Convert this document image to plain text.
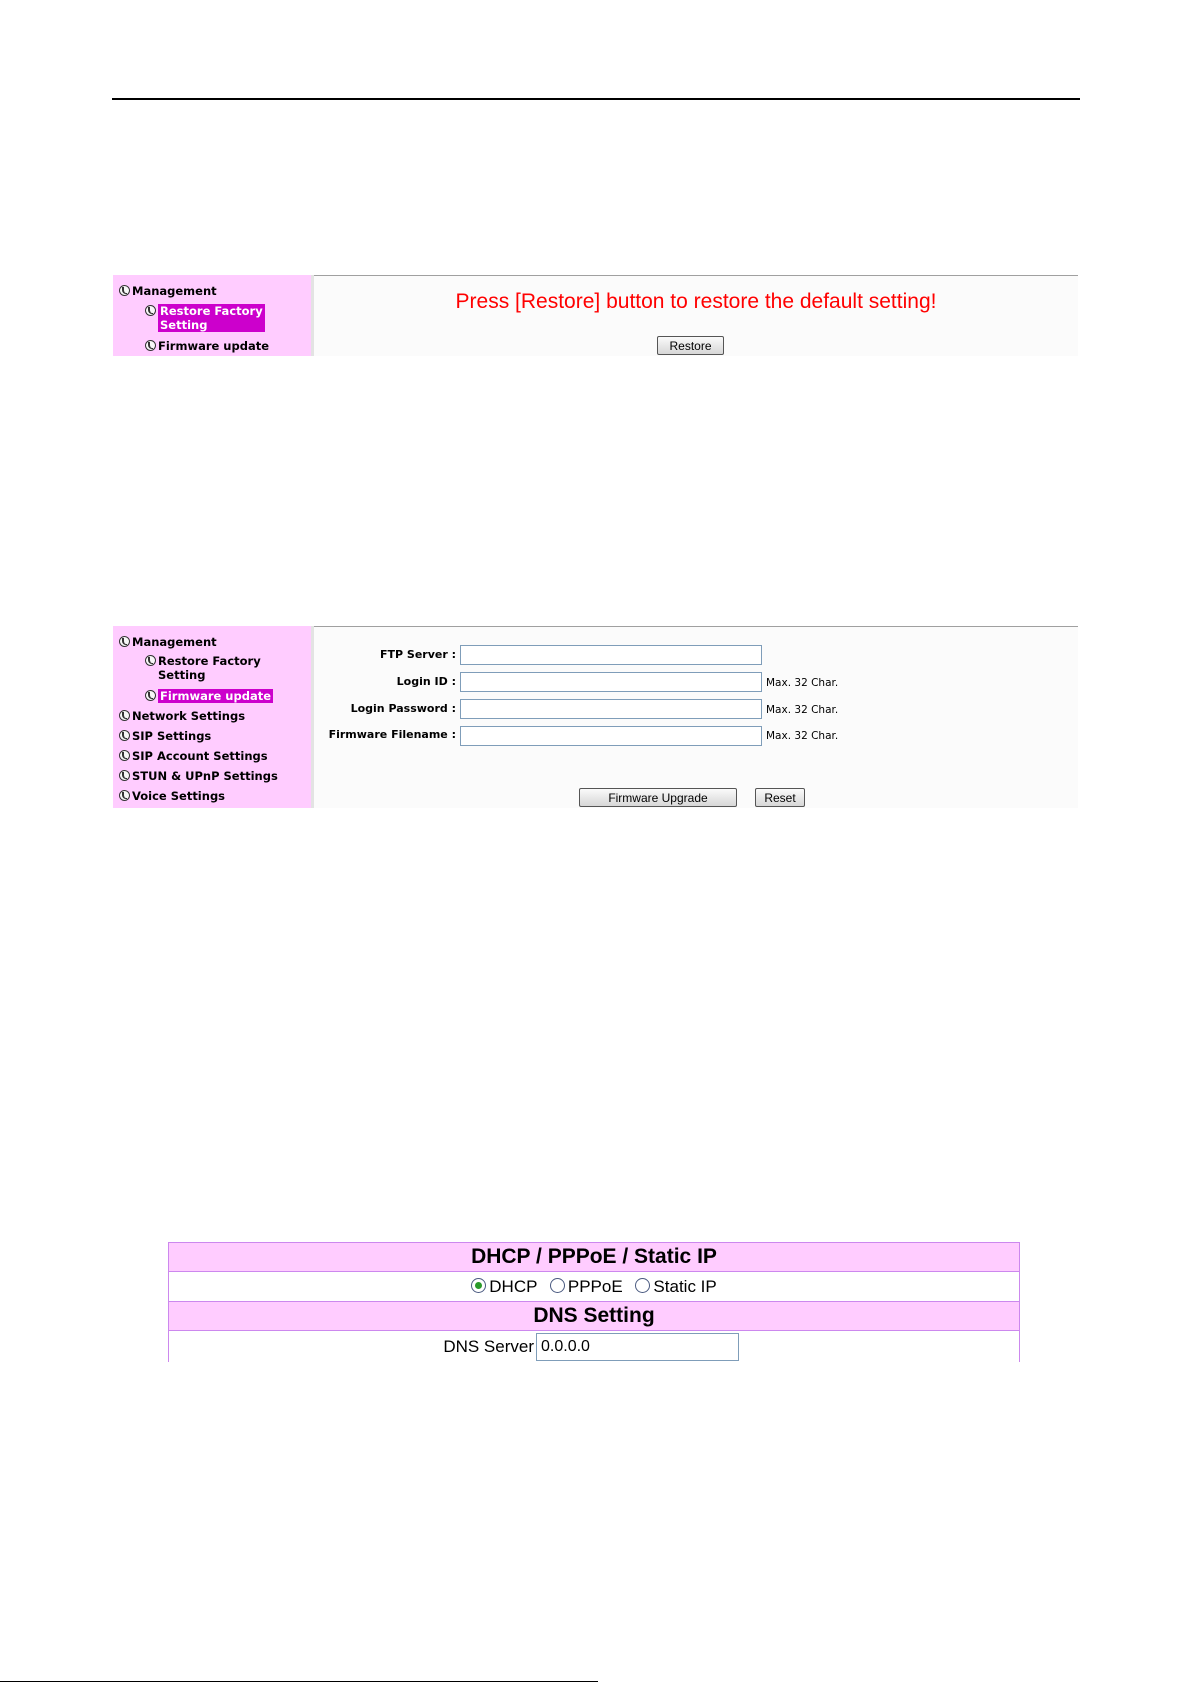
Management
Restore Factory
Setting
Firmware update
Press [Restore] button to restore the default setting!
Restore
Management
Restore Factory
Setting
Firmware update
Network Settings
SIP Settings
SIP Account Settings
STUN & UPnP Settings
Voice Settings
FTP Server :
Login ID :	Max. 32 Char.
Login Password :	Max. 32 Char.
Firmware Filename :	Max. 32 Char.
Firmware Upgrade	Reset
DHCP / PPPoE / Static IP
DHCP PPPoE Static IP
DNS Setting
DNS Server
0.0.0.0
